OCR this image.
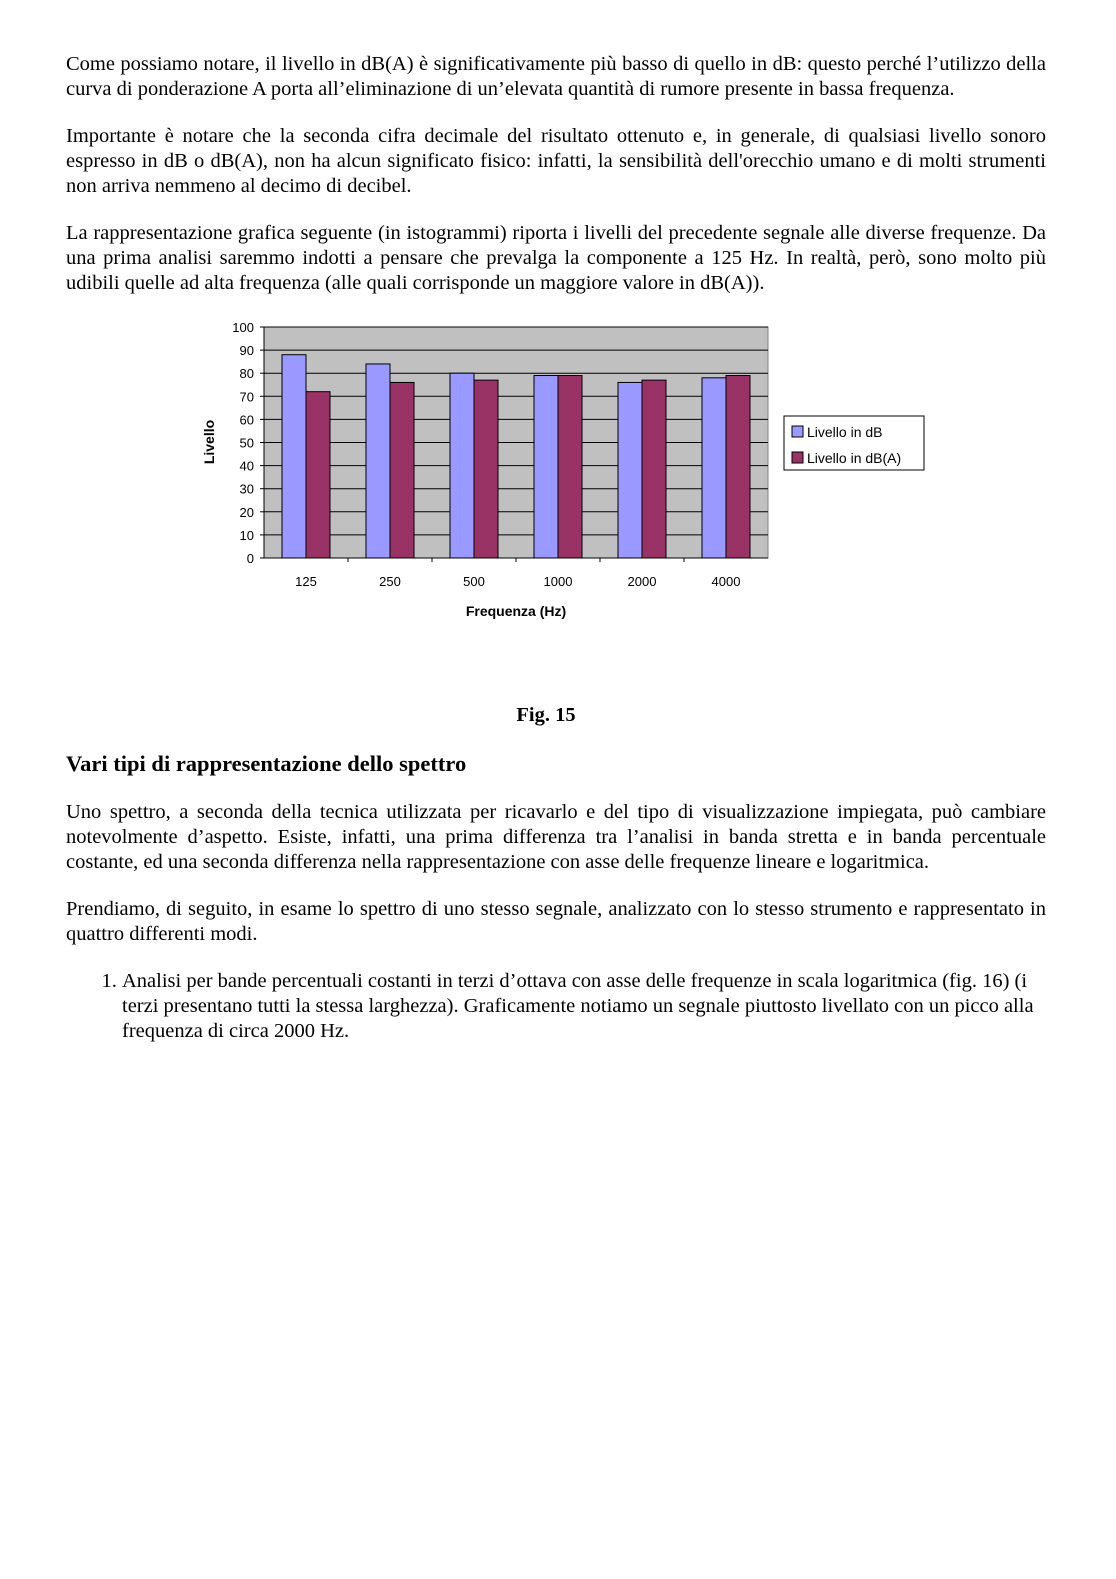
Come possiamo notare, il livello in dB(A) è significativamente più basso di quello in dB: questo perché l’utilizzo della curva di ponderazione A porta all’eliminazione di un’elevata quantità di rumore presente in bassa frequenza.

Importante è notare che la seconda cifra decimale del risultato ottenuto e, in generale, di qualsiasi livello sonoro espresso in dB o dB(A), non ha alcun significato fisico: infatti, la sensibilità dell'orecchio umano e di molti strumenti non arriva nemmeno al decimo di decibel.

La rappresentazione grafica seguente (in istogrammi) riporta i livelli del precedente segnale alle diverse frequenze. Da una prima analisi saremmo indotti a pensare che prevalga la componente a 125 Hz. In realtà, però, sono molto più udibili quelle ad alta frequenza (alle quali corrisponde un maggiore valore in dB(A)).

0
10
20
30
40
50
60
70
80
90
100
125	250	500	1000	2000	4000
Livello in dB
Livello in dB(A)
Livello
Frequenza (Hz)
Fig. 15
Vari tipi di rappresentazione dello spettro

Uno spettro, a seconda della tecnica utilizzata per ricavarlo e del tipo di visualizzazione impiegata, può cambiare notevolmente d’aspetto. Esiste, infatti, una prima differenza tra l’analisi in banda stretta e in banda percentuale costante, ed una seconda differenza nella rappresentazione con asse delle frequenze lineare e logaritmica.

Prendiamo, di seguito, in esame lo spettro di uno stesso segnale, analizzato con lo stesso strumento e rappresentato in quattro differenti modi.

1. Analisi per bande percentuali costanti in terzi d’ottava con asse delle frequenze in scala logaritmica (fig. 16) (i terzi presentano tutti la stessa larghezza). Graficamente notiamo un segnale piuttosto livellato con un picco alla frequenza di circa 2000 Hz.
